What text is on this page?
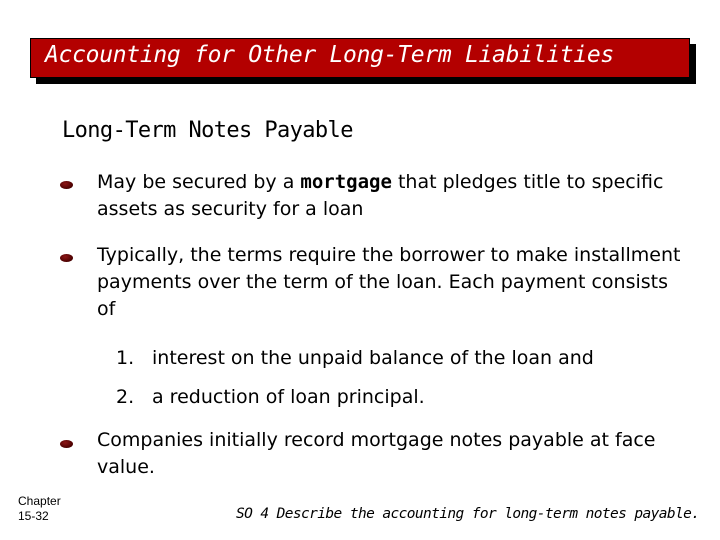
Accounting for Other Long-Term Liabilities
Long-Term Notes Payable
May be secured by a mortgage that pledges title to specific assets as security for a loan
Typically, the terms require the borrower to make installment payments over the term of the loan. Each payment consists of
1. interest on the unpaid balance of the loan and
2. a reduction of loan principal.
Companies initially record mortgage notes payable at face value.
Chapter
15-32	SO 4 Describe the accounting for long-term notes payable.
